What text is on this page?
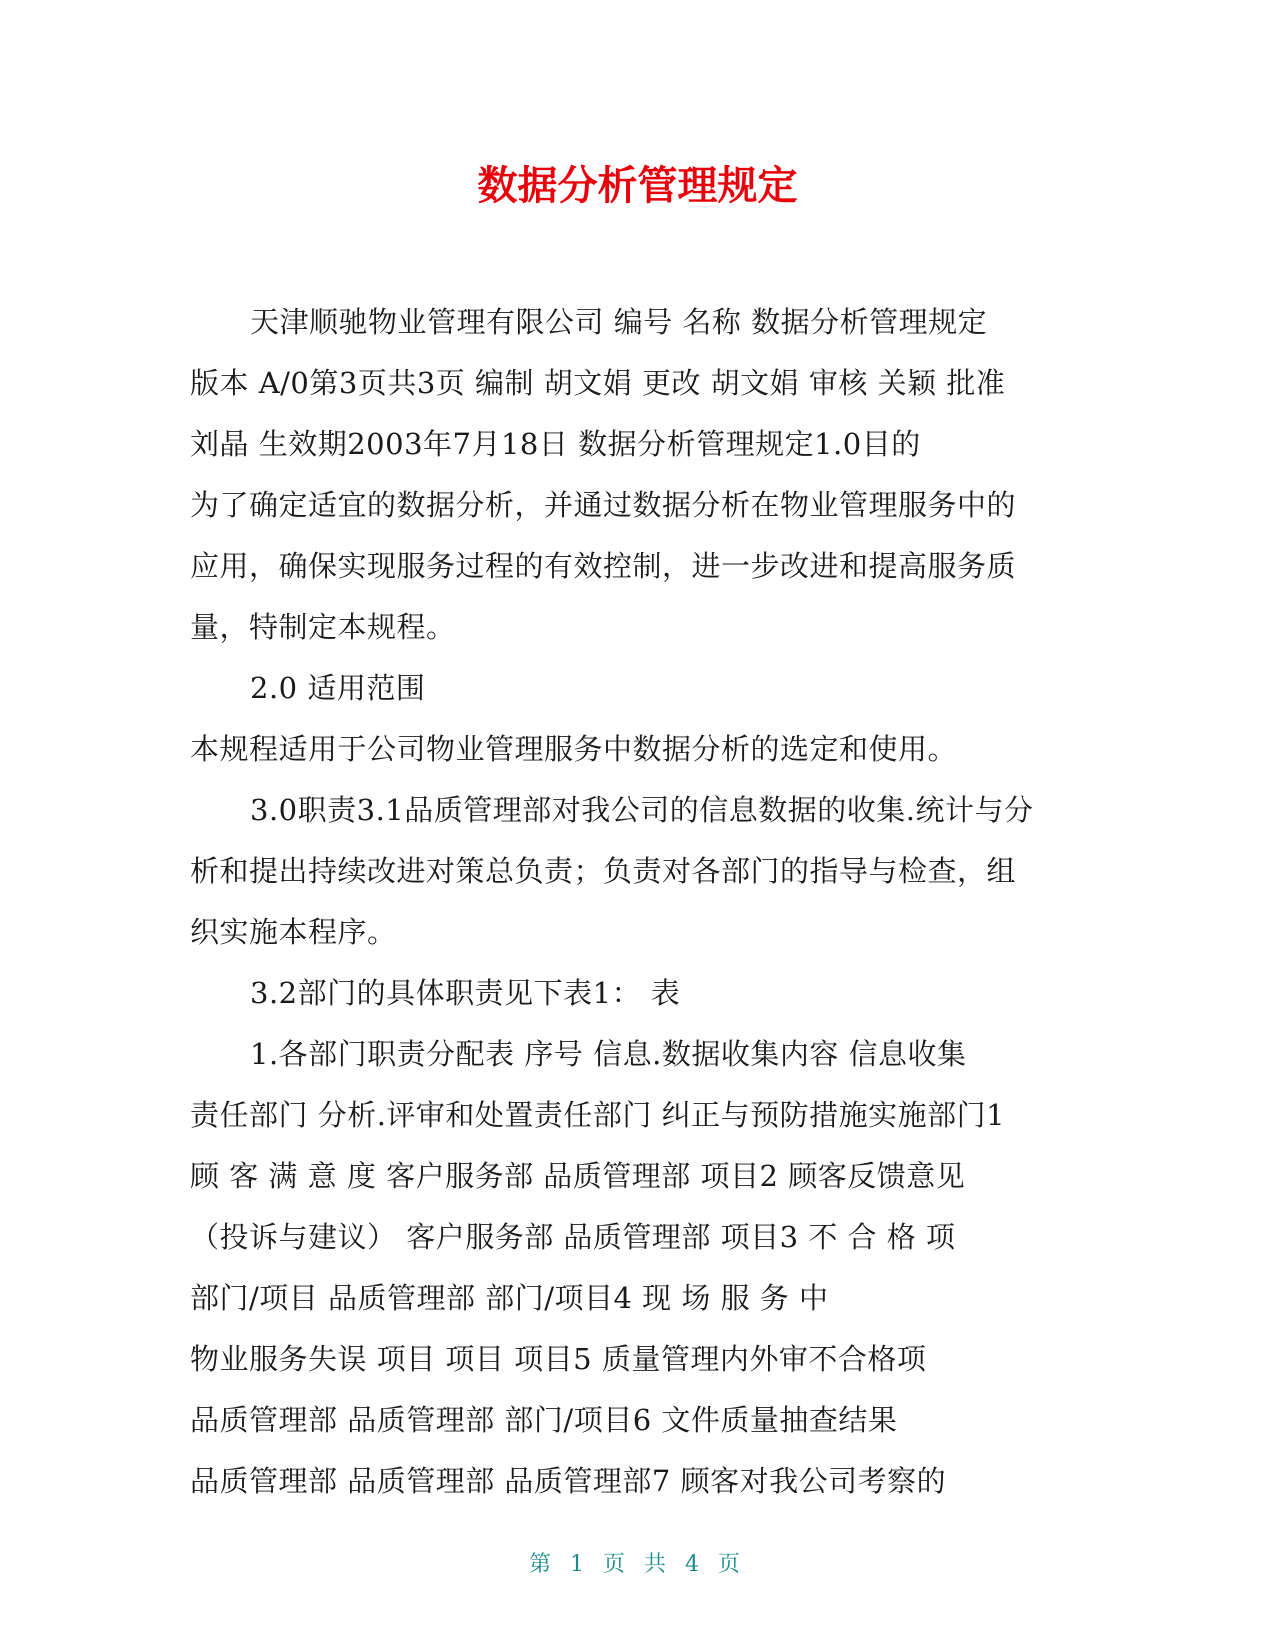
数据分析管理规定
天津顺驰物业管理有限公司 编号 名称 数据分析管理规定
版本 A/0第3页共3页 编制 胡文娟 更改 胡文娟 审核 关颖 批准
刘晶 生效期2003年7月18日 数据分析管理规定1.0目的
为了确定适宜的数据分析，并通过数据分析在物业管理服务中的
应用，确保实现服务过程的有效控制，进一步改进和提高服务质
量，特制定本规程。
2.0 适用范围
本规程适用于公司物业管理服务中数据分析的选定和使用。
3.0职责3.1品质管理部对我公司的信息数据的收集.统计与分
析和提出持续改进对策总负责；负责对各部门的指导与检查，组
织实施本程序。
3.2部门的具体职责见下表1： 表
1.各部门职责分配表 序号 信息.数据收集内容 信息收集
责任部门 分析.评审和处置责任部门 纠正与预防措施实施部门1
顾 客 满 意 度 客户服务部 品质管理部 项目2 顾客反馈意见
（投诉与建议） 客户服务部 品质管理部 项目3 不 合 格 项
部门/项目 品质管理部 部门/项目4 现 场 服 务 中
物业服务失误 项目 项目 项目5 质量管理内外审不合格项
品质管理部 品质管理部 部门/项目6 文件质量抽查结果
品质管理部 品质管理部 品质管理部7 顾客对我公司考察的
第 1 页 共 4 页
